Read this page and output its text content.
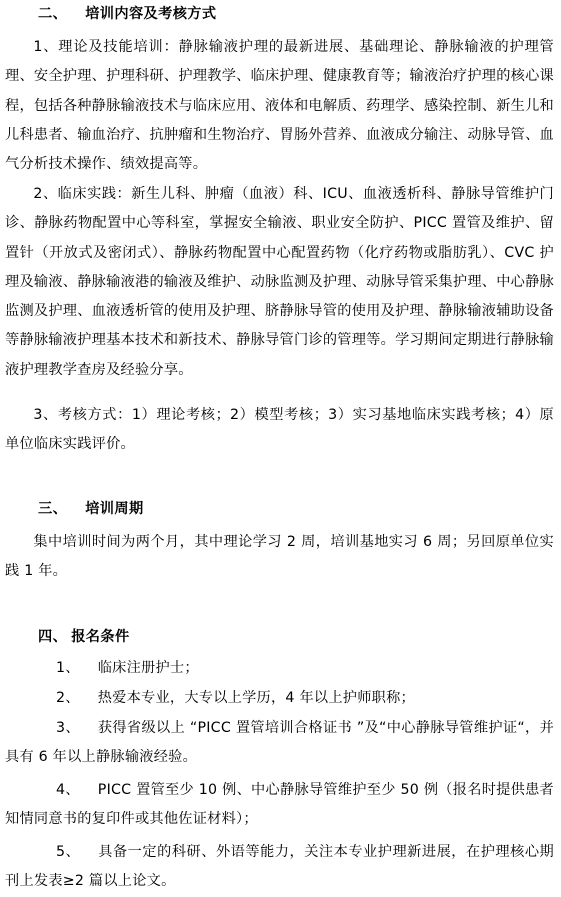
二、 培训内容及考核方式
1、理论及技能培训：静脉输液护理的最新进展、基础理论、静脉输液的护理管理、安全护理、护理科研、护理教学、临床护理、健康教育等；输液治疗护理的核心课程，包括各种静脉输液技术与临床应用、液体和电解质、药理学、感染控制、新生儿和儿科患者、输血治疗、抗肿瘤和生物治疗、胃肠外营养、血液成分输注、动脉导管、血气分析技术操作、绩效提高等。
2、临床实践：新生儿科、肿瘤（血液）科、ICU、血液透析科、静脉导管维护门诊、静脉药物配置中心等科室，掌握安全输液、职业安全防护、PICC 置管及维护、留置针（开放式及密闭式）、静脉药物配置中心配置药物（化疗药物或脂肪乳）、CVC 护理及输液、静脉输液港的输液及维护、动脉监测及护理、动脉导管采集护理、中心静脉监测及护理、血液透析管的使用及护理、脐静脉导管的使用及护理、静脉输液辅助设备等静脉输液护理基本技术和新技术、静脉导管门诊的管理等。学习期间定期进行静脉输液护理教学查房及经验分享。
3、考核方式：1）理论考核；2）模型考核；3）实习基地临床实践考核；4）原单位临床实践评价。
三、 培训周期
集中培训时间为两个月，其中理论学习 2 周，培训基地实习 6 周；另回原单位实践 1 年。
四、 报名条件
1、 临床注册护士；
2、 热爱本专业，大专以上学历，4 年以上护师职称；
3、 获得省级以上 “PICC 置管培训合格证书 ”及“中心静脉导管维护证“，并具有 6 年以上静脉输液经验。
4、 PICC 置管至少 10 例、中心静脉导管维护至少 50 例（报名时提供患者知情同意书的复印件或其他佐证材料）；
5、 具备一定的科研、外语等能力，关注本专业护理新进展，在护理核心期刊上发表≥2 篇以上论文。
